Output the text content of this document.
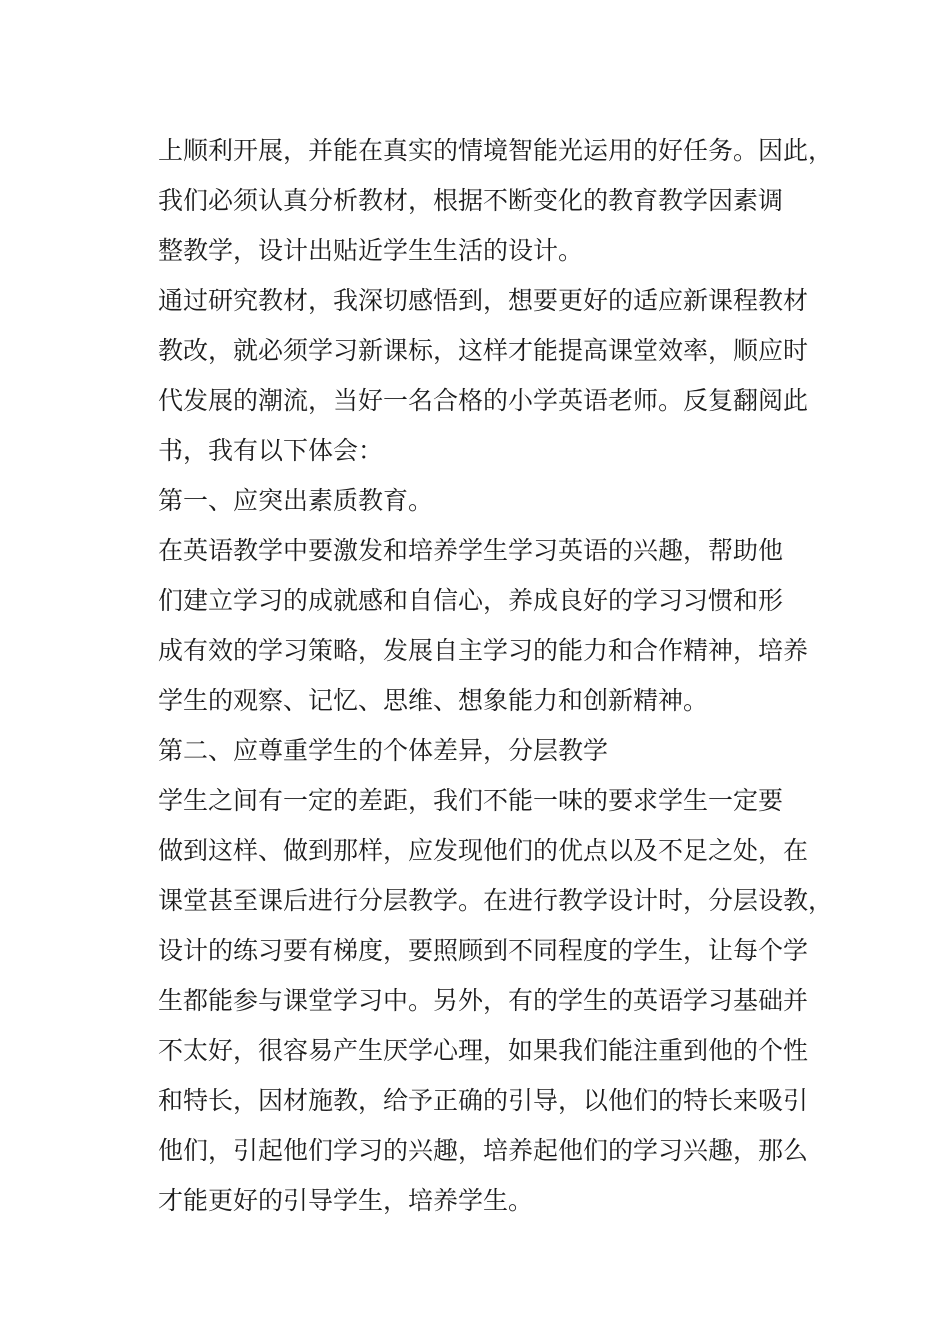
上顺利开展，并能在真实的情境智能光运用的好任务。因此，
我们必须认真分析教材，根据不断变化的教育教学因素调
整教学，设计出贴近学生生活的设计。
通过研究教材，我深切感悟到，想要更好的适应新课程教材
教改，就必须学习新课标，这样才能提高课堂效率，顺应时
代发展的潮流，当好一名合格的小学英语老师。反复翻阅此
书，我有以下体会：
第一、应突出素质教育。
在英语教学中要激发和培养学生学习英语的兴趣，帮助他
们建立学习的成就感和自信心，养成良好的学习习惯和形
成有效的学习策略，发展自主学习的能力和合作精神，培养
学生的观察、记忆、思维、想象能力和创新精神。
第二、应尊重学生的个体差异，分层教学
学生之间有一定的差距，我们不能一味的要求学生一定要
做到这样、做到那样，应发现他们的优点以及不足之处，在
课堂甚至课后进行分层教学。在进行教学设计时，分层设教，
设计的练习要有梯度，要照顾到不同程度的学生，让每个学
生都能参与课堂学习中。另外，有的学生的英语学习基础并
不太好，很容易产生厌学心理，如果我们能注重到他的个性
和特长，因材施教，给予正确的引导，以他们的特长来吸引
他们，引起他们学习的兴趣，培养起他们的学习兴趣，那么
才能更好的引导学生，培养学生。
